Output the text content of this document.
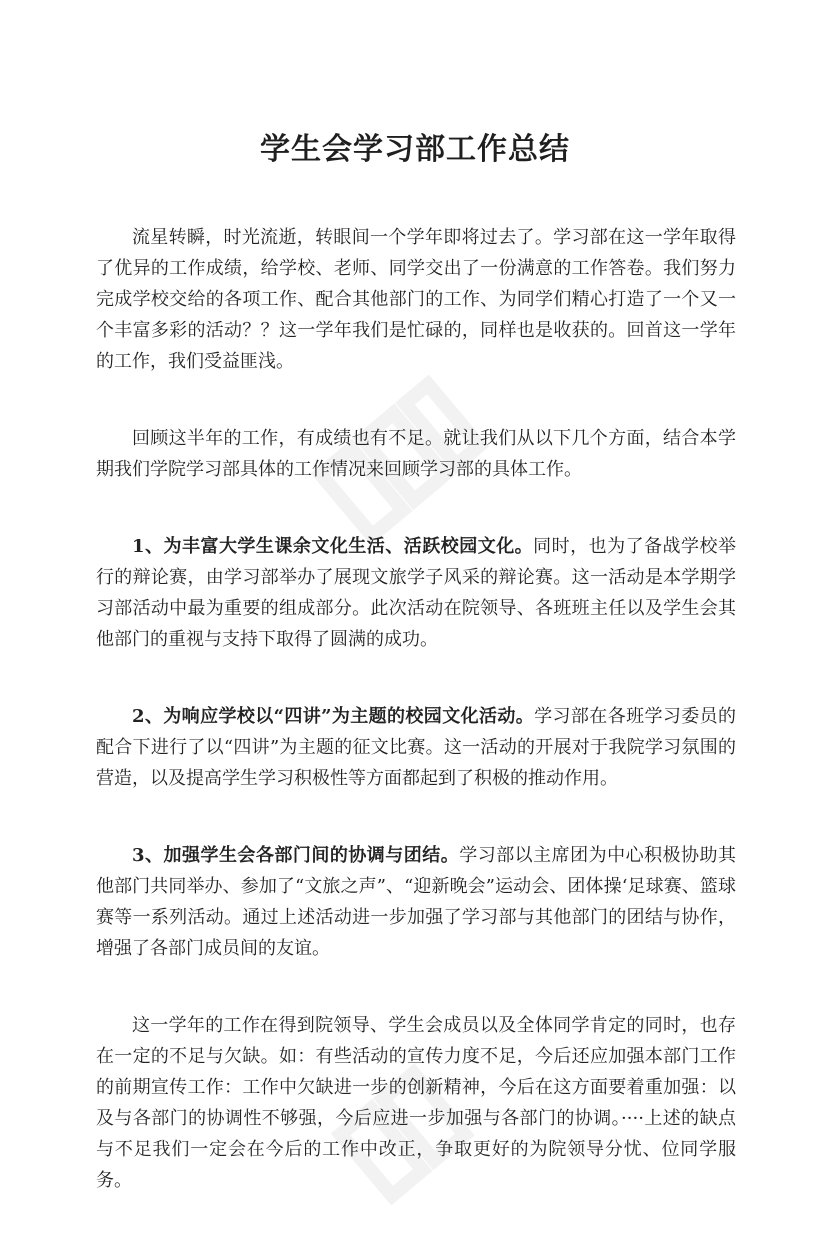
学生会学习部工作总结

流星转瞬，时光流逝，转眼间一个学年即将过去了。学习部在这一学年取得了优异的工作成绩，给学校、老师、同学交出了一份满意的工作答卷。我们努力完成学校交给的各项工作、配合其他部门的工作、为同学们精心打造了一个又一个丰富多彩的活动？？这一学年我们是忙碌的，同样也是收获的。回首这一学年的工作，我们受益匪浅。

回顾这半年的工作，有成绩也有不足。就让我们从以下几个方面，结合本学期我们学院学习部具体的工作情况来回顾学习部的具体工作。

1、为丰富大学生课余文化生活、活跃校园文化。同时，也为了备战学校举行的辩论赛，由学习部举办了展现文旅学子风采的辩论赛。这一活动是本学期学习部活动中最为重要的组成部分。此次活动在院领导、各班班主任以及学生会其他部门的重视与支持下取得了圆满的成功。

2、为响应学校以“四讲”为主题的校园文化活动。学习部在各班学习委员的配合下进行了以“四讲”为主题的征文比赛。这一活动的开展对于我院学习氛围的营造，以及提高学生学习积极性等方面都起到了积极的推动作用。

3、加强学生会各部门间的协调与团结。学习部以主席团为中心积极协助其他部门共同举办、参加了“文旅之声”、“迎新晚会”运动会、团体操‘足球赛、篮球赛等一系列活动。通过上述活动进一步加强了学习部与其他部门的团结与协作，增强了各部门成员间的友谊。

这一学年的工作在得到院领导、学生会成员以及全体同学肯定的同时，也存在一定的不足与欠缺。如：有些活动的宣传力度不足，今后还应加强本部门工作的前期宣传工作：工作中欠缺进一步的创新精神，今后在这方面要着重加强：以及与各部门的协调性不够强，今后应进一步加强与各部门的协调。····上述的缺点与不足我们一定会在今后的工作中改正，争取更好的为院领导分忧、位同学服务。
